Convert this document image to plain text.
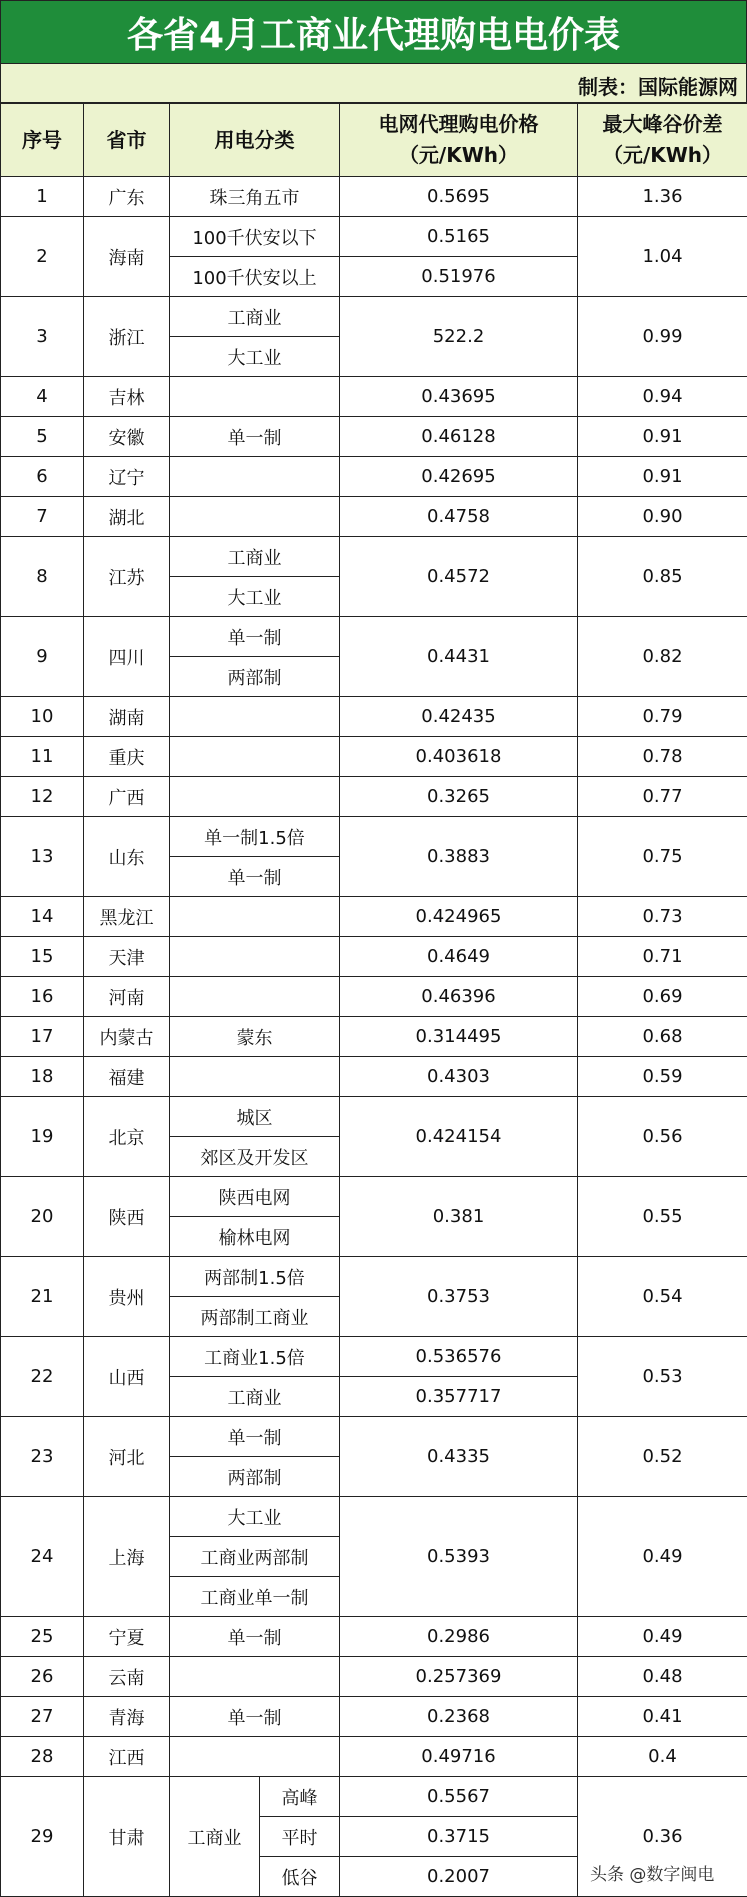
各省4月工商业代理购电电价表
制表：国际能源网
序号	省市	用电分类		电网代理购电价格（元/KWh）	最大峰谷价差（元/KWh）
1	广东	珠三角五市		0.5695	1.36
2	海南	100千伏安以下		0.5165	1.04
		100千伏安以上		0.51976	
3	浙江	工商业		522.2	0.99
		大工业			
4	吉林			0.43695	0.94
5	安徽	单一制		0.46128	0.91
6	辽宁			0.42695	0.91
7	湖北			0.4758	0.90
8	江苏	工商业		0.4572	0.85
		大工业			
9	四川	单一制		0.4431	0.82
		两部制			
10	湖南			0.42435	0.79
11	重庆			0.403618	0.78
12	广西			0.3265	0.77
13	山东	单一制1.5倍		0.3883	0.75
		单一制			
14	黑龙江			0.424965	0.73
15	天津			0.4649	0.71
16	河南			0.46396	0.69
17	内蒙古	蒙东		0.314495	0.68
18	福建			0.4303	0.59
19	北京	城区		0.424154	0.56
		郊区及开发区			
20	陕西	陕西电网		0.381	0.55
		榆林电网			
21	贵州	两部制1.5倍		0.3753	0.54
		两部制工商业			
22	山西	工商业1.5倍		0.536576	0.53
		工商业		0.357717	
23	河北	单一制		0.4335	0.52
		两部制			
24	上海	大工业		0.5393	0.49
		工商业两部制			
		工商业单一制			
25	宁夏	单一制		0.2986	0.49
26	云南			0.257369	0.48
27	青海	单一制		0.2368	0.41
28	江西			0.49716	0.4
29	甘肃	工商业	高峰	0.5567	0.36
			平时	0.3715	
			低谷	0.2007		头条 @数字闽电
